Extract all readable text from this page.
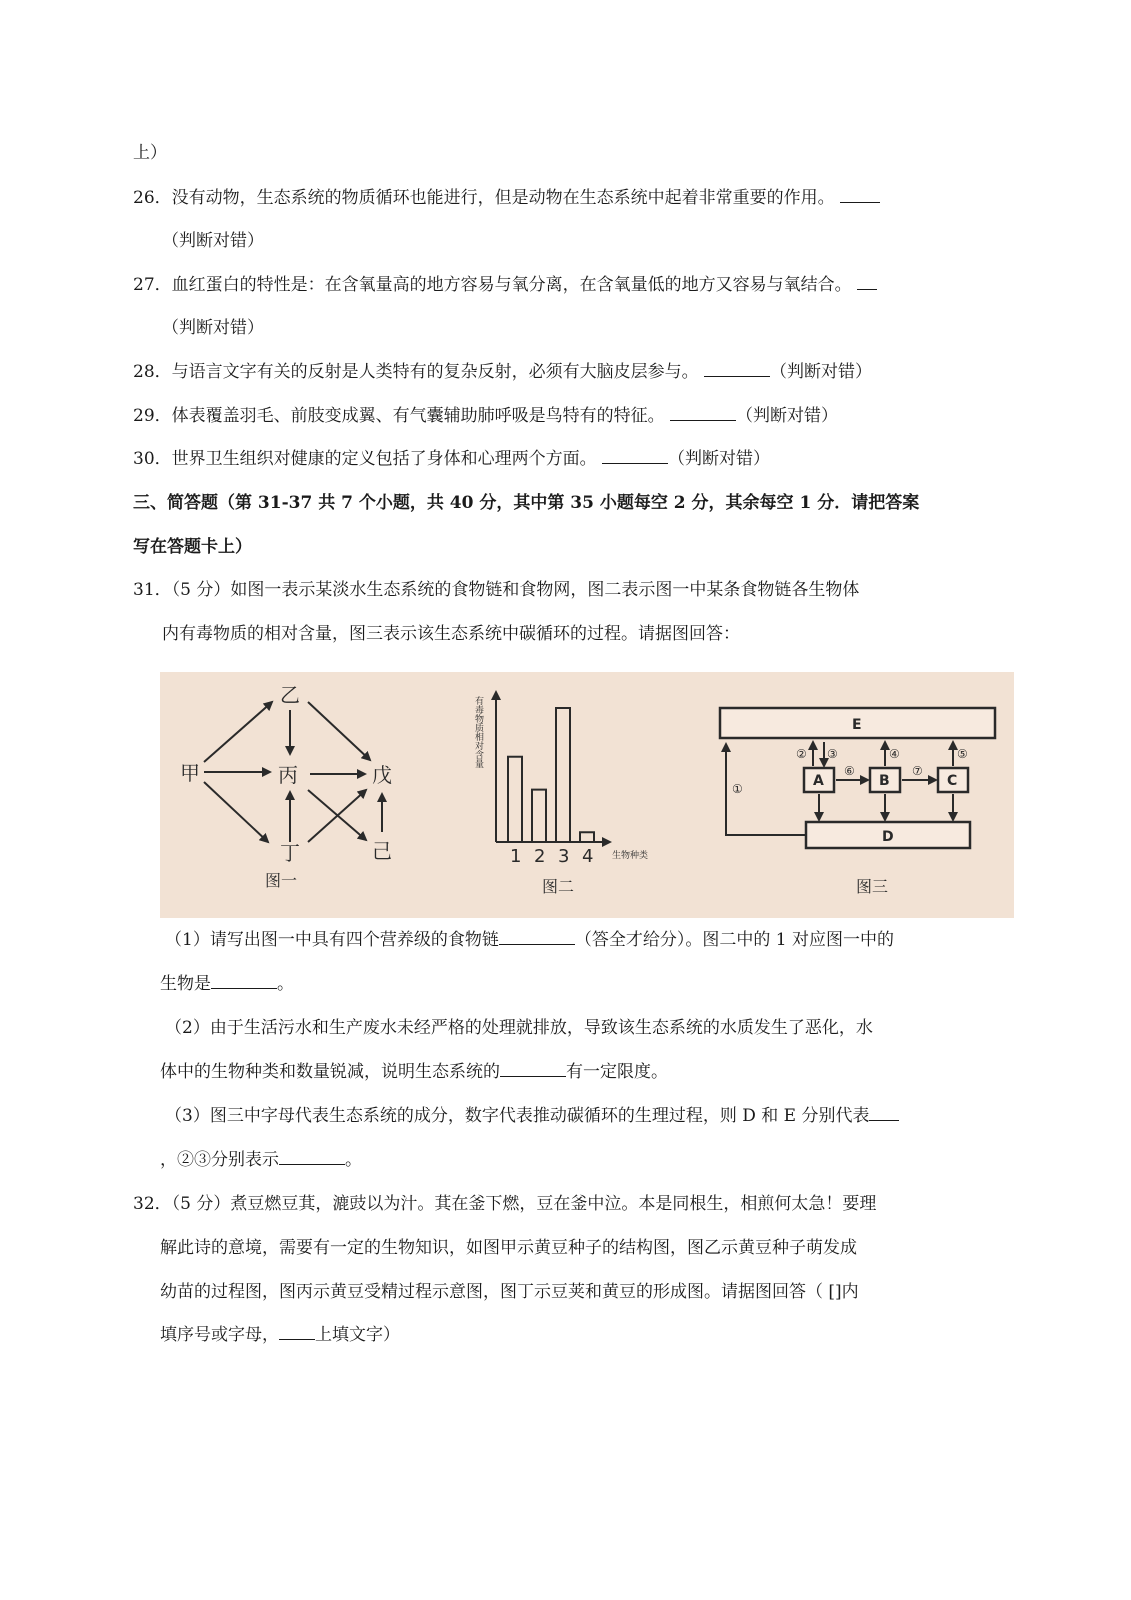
上）
26．没有动物，生态系统的物质循环也能进行，但是动物在生态系统中起着非常重要的作用。
（判断对错）
27．血红蛋白的特性是：在含氧量高的地方容易与氧分离，在含氧量低的地方又容易与氧结合。
（判断对错）
28．与语言文字有关的反射是人类特有的复杂反射，必须有大脑皮层参与。	（判断对错）
29．体表覆盖羽毛、前肢变成翼、有气囊辅助肺呼吸是鸟特有的特征。	（判断对错）
30．世界卫生组织对健康的定义包括了身体和心理两个方面。	（判断对错）
三、简答题（第 31-37 共 7 个小题，共 40 分，其中第 35 小题每空 2 分，其余每空 1 分．请把答案
写在答题卡上）
31．（5 分）如图一表示某淡水生态系统的食物链和食物网，图二表示图一中某条食物链各生物体
内有毒物质的相对含量，图三表示该生态系统中碳循环的过程。请据图回答：
甲
乙
丙
丁
戊
己
图一
有毒物质相对含量
1 2 3 4 生物种类
图二
E
A	B	C
D
①
② ③	④	⑤
⑥	⑦
图三
（1）请写出图一中具有四个营养级的食物链	（答全才给分）。图二中的 1 对应图一中的
生物是	。
（2）由于生活污水和生产废水未经严格的处理就排放，导致该生态系统的水质发生了恶化，水
体中的生物种类和数量锐减，说明生态系统的	有一定限度。
（3）图三中字母代表生态系统的成分，数字代表推动碳循环的生理过程，则 D 和 E 分别代表
，②③分别表示	。
32．（5 分）煮豆燃豆萁，漉豉以为汁。萁在釜下燃，豆在釜中泣。本是同根生，相煎何太急！要理
解此诗的意境，需要有一定的生物知识，如图甲示黄豆种子的结构图，图乙示黄豆种子萌发成
幼苗的过程图，图丙示黄豆受精过程示意图，图丁示豆荚和黄豆的形成图。请据图回答（ []内
填序号或字母， 上填文字）
